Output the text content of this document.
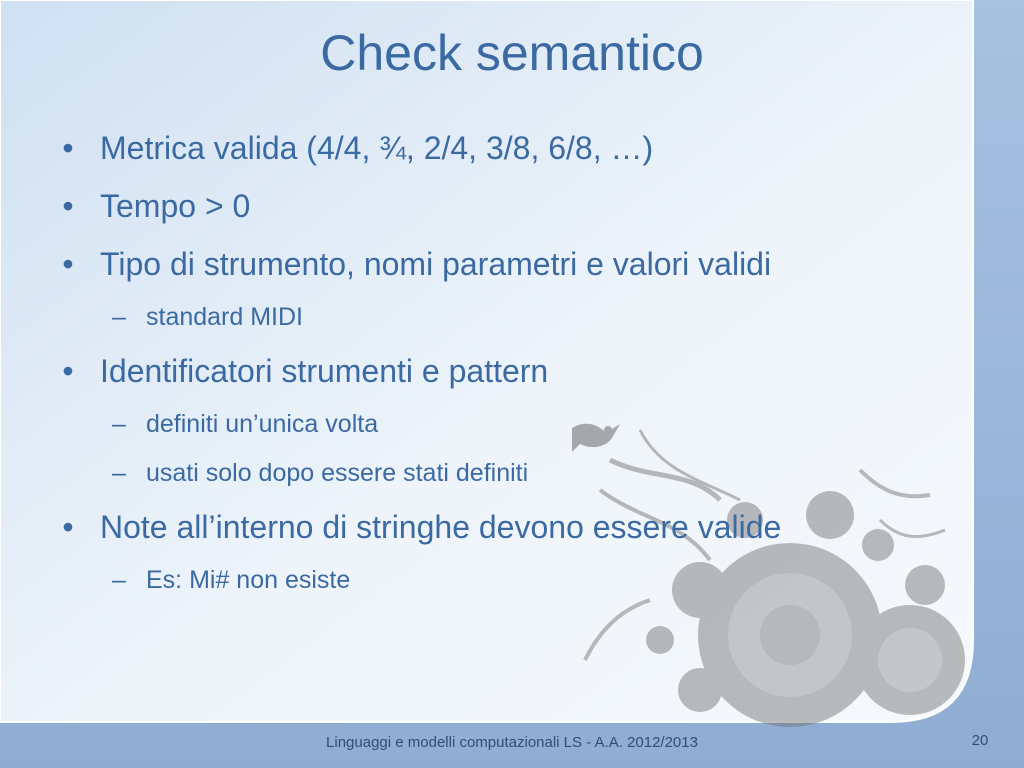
Check semantico
• Metrica valida (4/4, ¾, 2/4, 3/8, 6/8, …)
• Tempo > 0
• Tipo di strumento, nomi parametri e valori validi
– standard MIDI
• Identificatori strumenti e pattern
– definiti un’unica volta
– usati solo dopo essere stati definiti
• Note all’interno di stringhe devono essere valide
– Es: Mi# non esiste
Linguaggi e modelli computazionali LS - A.A. 2012/2013	20
